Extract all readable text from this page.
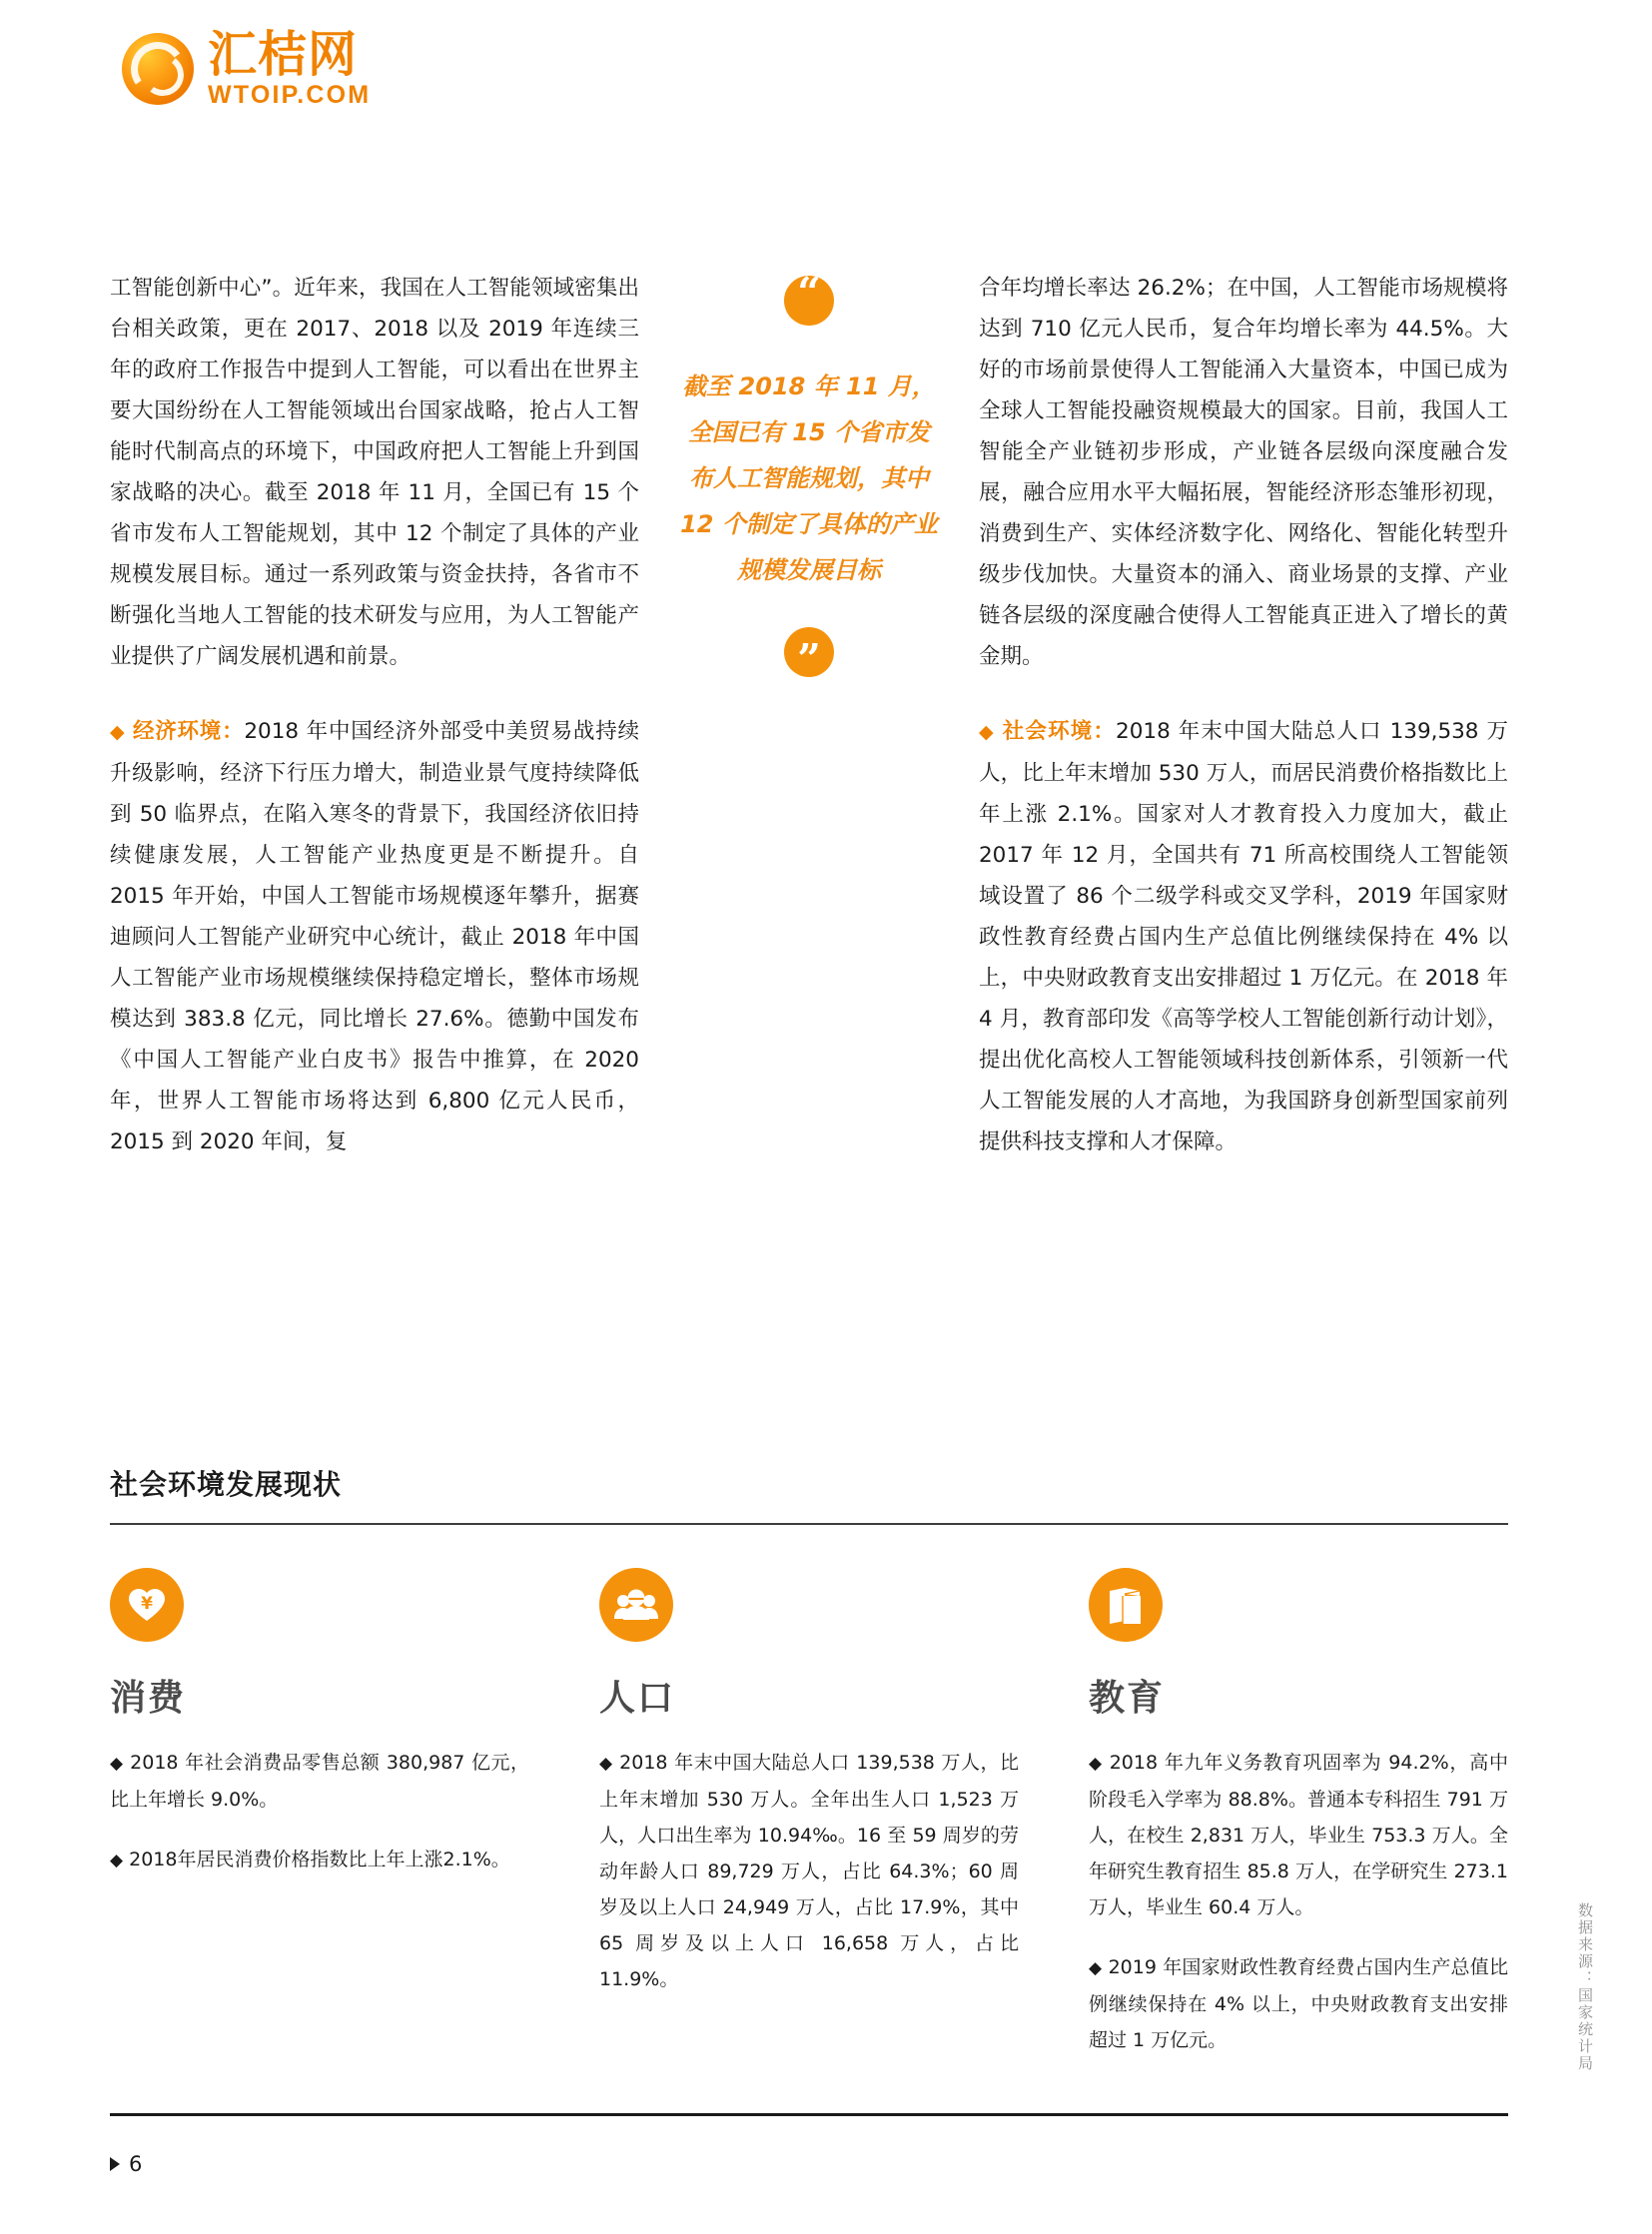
汇桔网
WTOIP.COM

工智能创新中心”。近年来，我国在人工智能领域密集出台相关政策，更在 2017、2018 以及 2019 年连续三年的政府工作报告中提到人工智能，可以看出在世界主要大国纷纷在人工智能领域出台国家战略，抢占人工智能时代制高点的环境下，中国政府把人工智能上升到国家战略的决心。截至 2018 年 11 月，全国已有 15 个省市发布人工智能规划，其中 12 个制定了具体的产业规模发展目标。通过一系列政策与资金扶持，各省市不断强化当地人工智能的技术研发与应用，为人工智能产业提供了广阔发展机遇和前景。

◆ 经济环境：2018 年中国经济外部受中美贸易战持续升级影响，经济下行压力增大，制造业景气度持续降低到 50 临界点，在陷入寒冬的背景下，我国经济依旧持续健康发展，人工智能产业热度更是不断提升。自 2015 年开始，中国人工智能市场规模逐年攀升，据赛迪顾问人工智能产业研究中心统计，截止 2018 年中国人工智能产业市场规模继续保持稳定增长，整体市场规模达到 383.8 亿元，同比增长 27.6%。德勤中国发布《中国人工智能产业白皮书》报告中推算，在 2020 年，世界人工智能市场将达到 6,800 亿元人民币，2015 到 2020 年间，复

“
截至 2018 年 11 月，全国已有 15 个省市发布人工智能规划，其中 12 个制定了具体的产业规模发展目标
”

合年均增长率达 26.2%；在中国，人工智能市场规模将达到 710 亿元人民币，复合年均增长率为 44.5%。大好的市场前景使得人工智能涌入大量资本，中国已成为全球人工智能投融资规模最大的国家。目前，我国人工智能全产业链初步形成，产业链各层级向深度融合发展，融合应用水平大幅拓展，智能经济形态雏形初现，消费到生产、实体经济数字化、网络化、智能化转型升级步伐加快。大量资本的涌入、商业场景的支撑、产业链各层级的深度融合使得人工智能真正进入了增长的黄金期。

◆ 社会环境：2018 年末中国大陆总人口 139,538 万人，比上年末增加 530 万人，而居民消费价格指数比上年上涨 2.1%。国家对人才教育投入力度加大，截止 2017 年 12 月，全国共有 71 所高校围绕人工智能领域设置了 86 个二级学科或交叉学科，2019 年国家财政性教育经费占国内生产总值比例继续保持在 4% 以上，中央财政教育支出安排超过 1 万亿元。在 2018 年 4 月，教育部印发《高等学校人工智能创新行动计划》，提出优化高校人工智能领域科技创新体系，引领新一代人工智能发展的人才高地，为我国跻身创新型国家前列提供科技支撑和人才保障。

社会环境发展现状
¥
消费
◆ 2018 年社会消费品零售总额 380,987 亿元，比上年增长 9.0%。
◆ 2018年居民消费价格指数比上年上涨2.1%。
人口
◆ 2018 年末中国大陆总人口 139,538 万人，比上年末增加 530 万人。全年出生人口 1,523 万人，人口出生率为 10.94‰。16 至 59 周岁的劳动年龄人口 89,729 万人，占比 64.3%；60 周岁及以上人口 24,949 万人，占比 17.9%，其中 65 周岁及以上人口 16,658 万人，占比 11.9%。
教育
◆ 2018 年九年义务教育巩固率为 94.2%，高中阶段毛入学率为 88.8%。普通本专科招生 791 万人，在校生 2,831 万人，毕业生 753.3 万人。全年研究生教育招生 85.8 万人，在学研究生 273.1 万人，毕业生 60.4 万人。
◆ 2019 年国家财政性教育经费占国内生产总值比例继续保持在 4% 以上，中央财政教育支出安排超过 1 万亿元。	数据来源：国家统计局
6
